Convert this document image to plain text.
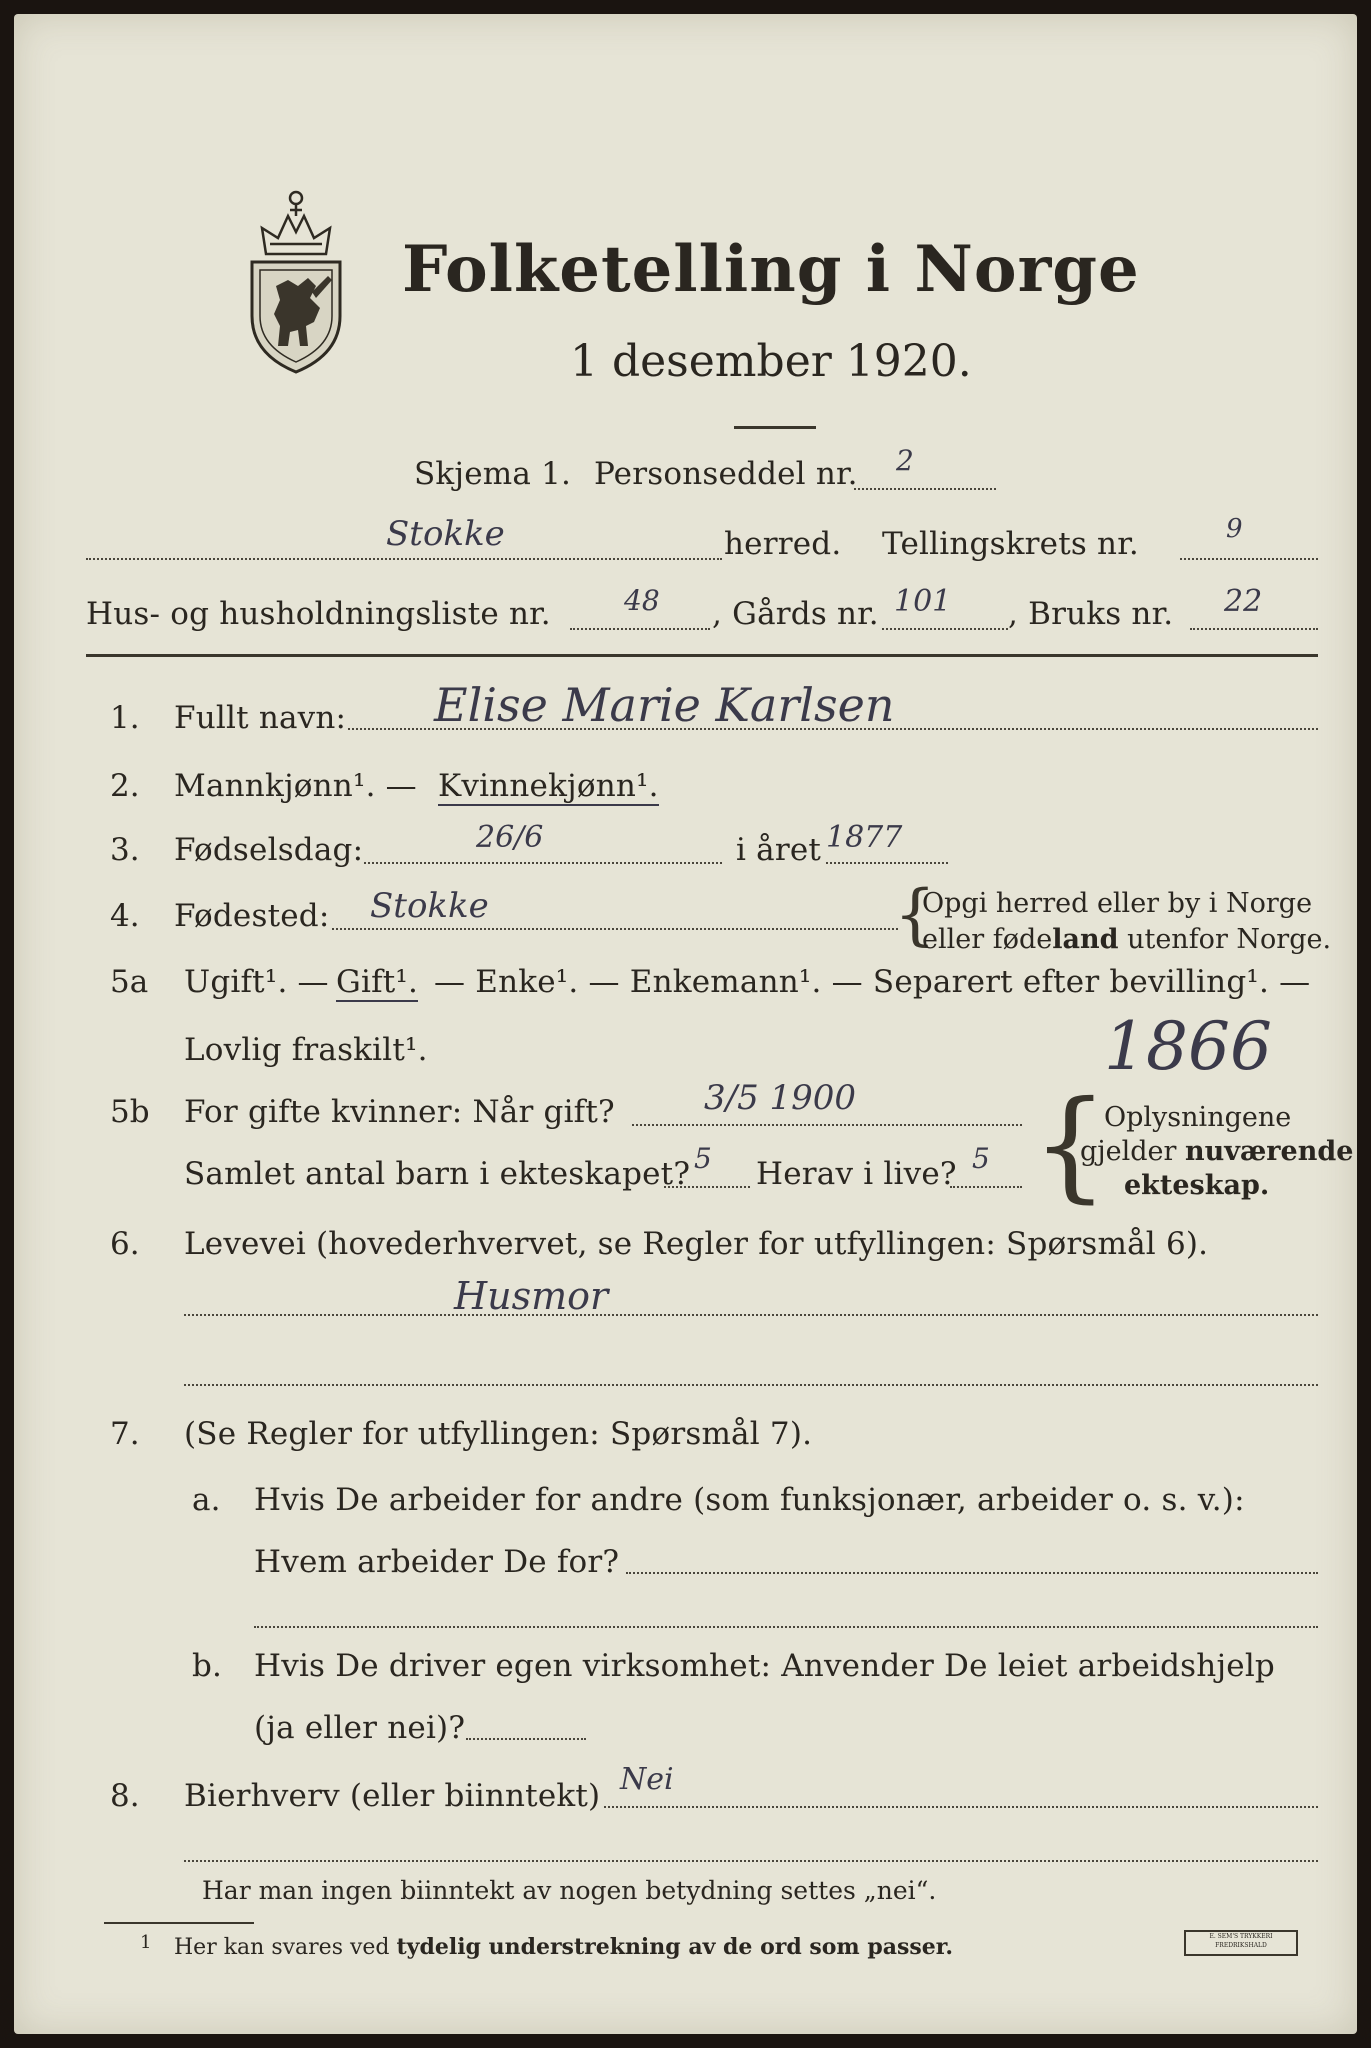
Folketelling i Norge
1 desember 1920.
Skjema 1. Personseddel nr. 2
Stokke	herred. Tellingskrets nr.	9
Hus- og husholdningsliste nr.	48 , Gårds nr. 101 , Bruks nr. 22
1. Fullt navn: Elise Marie Karlsen
2. Mannkjønn¹. — Kvinnekjønn¹.
3. Fødselsdag:	26/6	i året 1877
4. Fødested: Stokke	{
Opgi herred eller by i Norge
eller fødeland utenfor Norge.
5a Ugift¹. — Gift¹. — Enke¹. — Enkemann¹. — Separert efter bevilling¹. —
Lovlig fraskilt¹.	1866
5b For gifte kvinner: Når gift?	3/5 1900
Samlet antal barn i ekteskapet? 5 Herav i live? 5 {
Oplysningene
gjelder nuværende
ekteskap.
6. Levevei (hovederhvervet, se Regler for utfyllingen: Spørsmål 6).
Husmor
7. (Se Regler for utfyllingen: Spørsmål 7).
a. Hvis De arbeider for andre (som funksjonær, arbeider o. s. v.):
Hvem arbeider De for?
b. Hvis De driver egen virksomhet: Anvender De leiet arbeidshjelp
(ja eller nei)?
8. Bierhverv (eller biinntekt) Nei
Har man ingen biinntekt av nogen betydning settes „nei“.
1 Her kan svares ved tydelig understrekning av de ord som passer.	E. SEM'S TRYKKERI FREDRIKSHALD
